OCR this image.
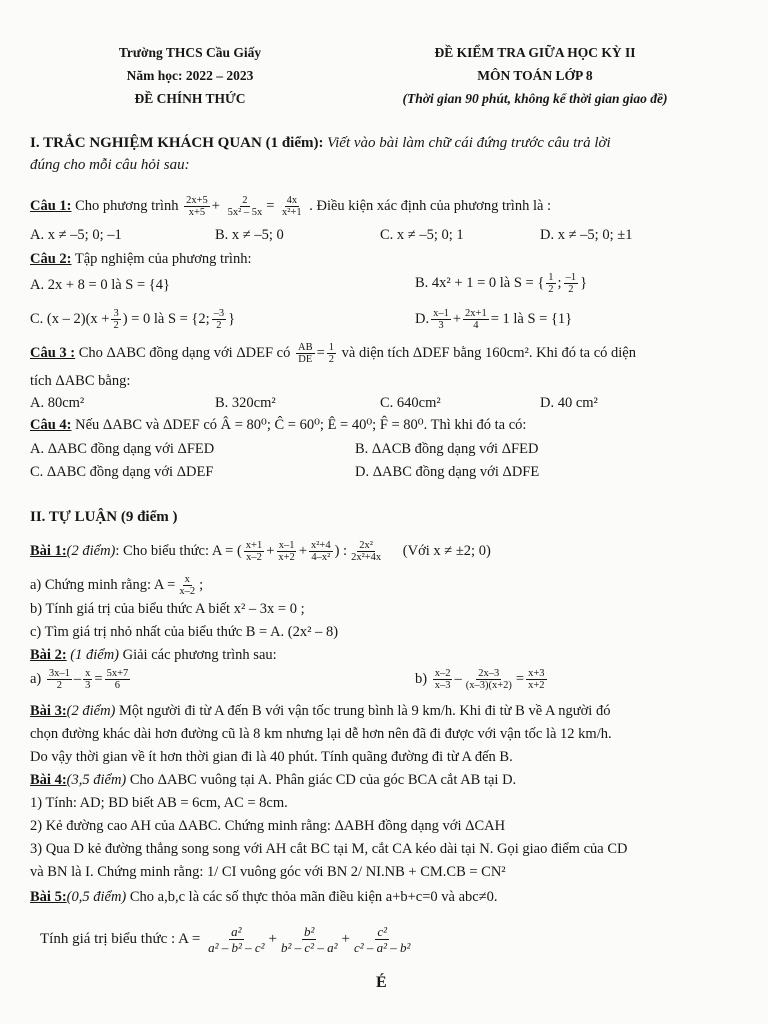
Trường THCS Cầu Giấy
Năm học: 2022 – 2023
ĐỀ CHÍNH THỨC
ĐỀ KIỂM TRA GIỮA HỌC KỲ II
MÔN TOÁN LỚP 8
(Thời gian 90 phút, không kể thời gian giao đề)
I. TRẮC NGHIỆM KHÁCH QUAN (1 điểm): Viết vào bài làm chữ cái đứng trước câu trả lời
đúng cho mỗi câu hỏi sau:
Câu 1: Cho phương trình $\frac{2x+5}{x+5} + \frac{2}{\text{5x² – 5x}} = \frac{4x}{\text{x²+1}}$ . Điều kiện xác định của phương trình là :
A. x ≠ –5; 0; –1	B. x ≠ –5; 0	C. x ≠ –5; 0; 1	D. x ≠ –5; 0; ±1
Câu 2: Tập nghiệm của phương trình:
A. 2x + 8 = 0 là S = {4}	B. 4x² + 1 = 0 là S = { $\frac{1}{2}$ ; $\frac{-1}{2}$ }
C. $(x - 2)(x + \frac{3}{2}$ ) = 0 là S = {2; $\frac{-3}{2}$ }	D. $\frac{x-1}{3} + \frac{2x+1}{4} = 1$ là S = {1}
Câu 3 : Cho ΔABC đồng dạng với ΔDEF có $\frac{AB}{DE} = \frac{1}{2}$ và diện tích ΔDEF bằng 160cm². Khi đó ta có diện
tích ΔABC bằng:
A. 80cm²	B. 320cm²	C. 640cm²	D. 40 cm²
Câu 4: Nếu ΔABC và ΔDEF có Â = 80⁰; Ĉ = 60⁰; Ê = 40⁰; F̂ = 80⁰. Thì khi đó ta có:
A. ΔABC đồng dạng với ΔFED	B. ΔACB đồng dạng với ΔFED
C. ΔABC đồng dạng với ΔDEF	D. ΔABC đồng dạng với ΔDFE
II. TỰ LUẬN (9 điểm )
Bài 1:(2 điểm): Cho biểu thức: A = ( $\frac{x+1}{x-2} + \frac{x-1}{x+2} + \frac{\text{x²+4}}{\text{4–x²}}$ ) : $\frac{\text{2x²}}{\text{2x²+4x}}$ (Với x ≠ ±2; 0)
a) Chứng minh rằng: $A = \frac{x}{x-2}$ ;
b) Tính giá trị của biểu thức A biết x² – 3x = 0 ;
c) Tìm giá trị nhỏ nhất của biểu thức B = A. (2x² – 8)
Bài 2: (1 điểm) Giải các phương trình sau:
$a) \frac{3x-1}{2} - \frac{x}{3} = \frac{5x+7}{6}$	$b) \frac{x-2}{x-3} - \frac{2x-3}{(x-3)(x+2)} = \frac{x+3}{x+2}$
Bài 3:(2 điểm) Một người đi từ A đến B với vận tốc trung bình là 9 km/h. Khi đi từ B về A người đó
chọn đường khác dài hơn đường cũ là 8 km nhưng lại dễ hơn nên đã đi được với vận tốc là 12 km/h.
Do vậy thời gian về ít hơn thời gian đi là 40 phút. Tính quãng đường đi từ A đến B.
Bài 4:(3,5 điểm) Cho ΔABC vuông tại A. Phân giác CD của góc BCA cắt AB tại D.
1) Tính: AD; BD biết AB = 6cm, AC = 8cm.
2) Kẻ đường cao AH của ΔABC. Chứng minh rằng: ΔABH đồng dạng với ΔCAH
3) Qua D kẻ đường thẳng song song với AH cắt BC tại M, cắt CA kéo dài tại N. Gọi giao điểm của CD
và BN là I. Chứng minh rằng: 1/ CI vuông góc với BN 2/ NI.NB + CM.CB = CN²
Bài 5:(0,5 điểm) Cho a,b,c là các số thực thỏa mãn điều kiện a+b+c=0 và abc≠0.
Tính giá trị biểu thức : $A = \frac{\text{a²}}{\text{a² – b² – c²}} + \frac{\text{b²}}{\text{b² – c² – a²}} + \frac{\text{c²}}{\text{c² – a² – b²}}$
É
